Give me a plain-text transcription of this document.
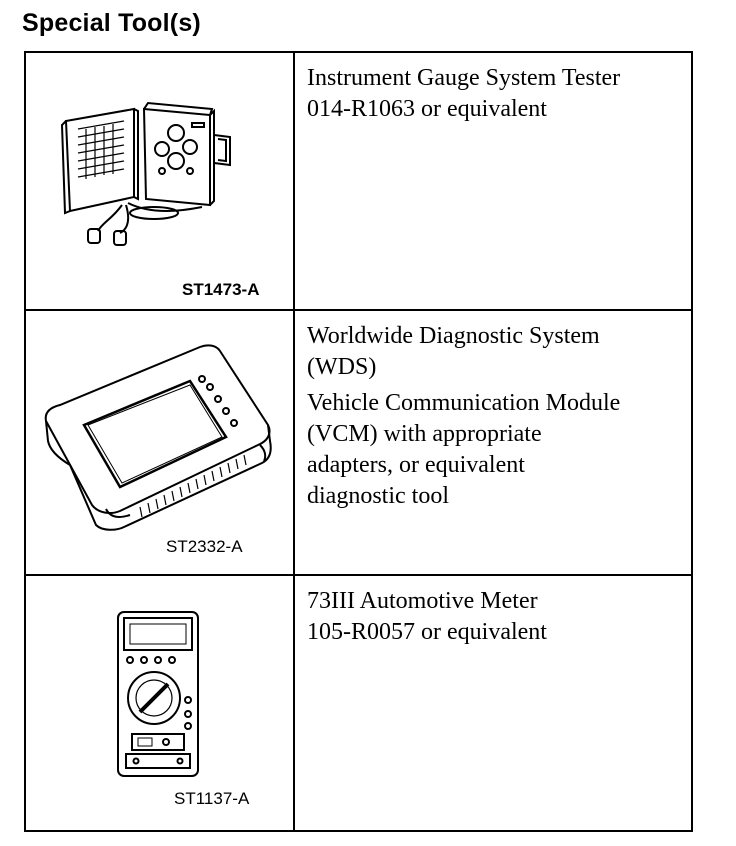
Special Tool(s)
ST1473-A

Instrument Gauge System Tester
014-R1063 or equivalent

ST2332-A

Worldwide Diagnostic System
(WDS)

Vehicle Communication Module
(VCM) with appropriate
adapters, or equivalent
diagnostic tool

ST1137-A

73III Automotive Meter
105-R0057 or equivalent
